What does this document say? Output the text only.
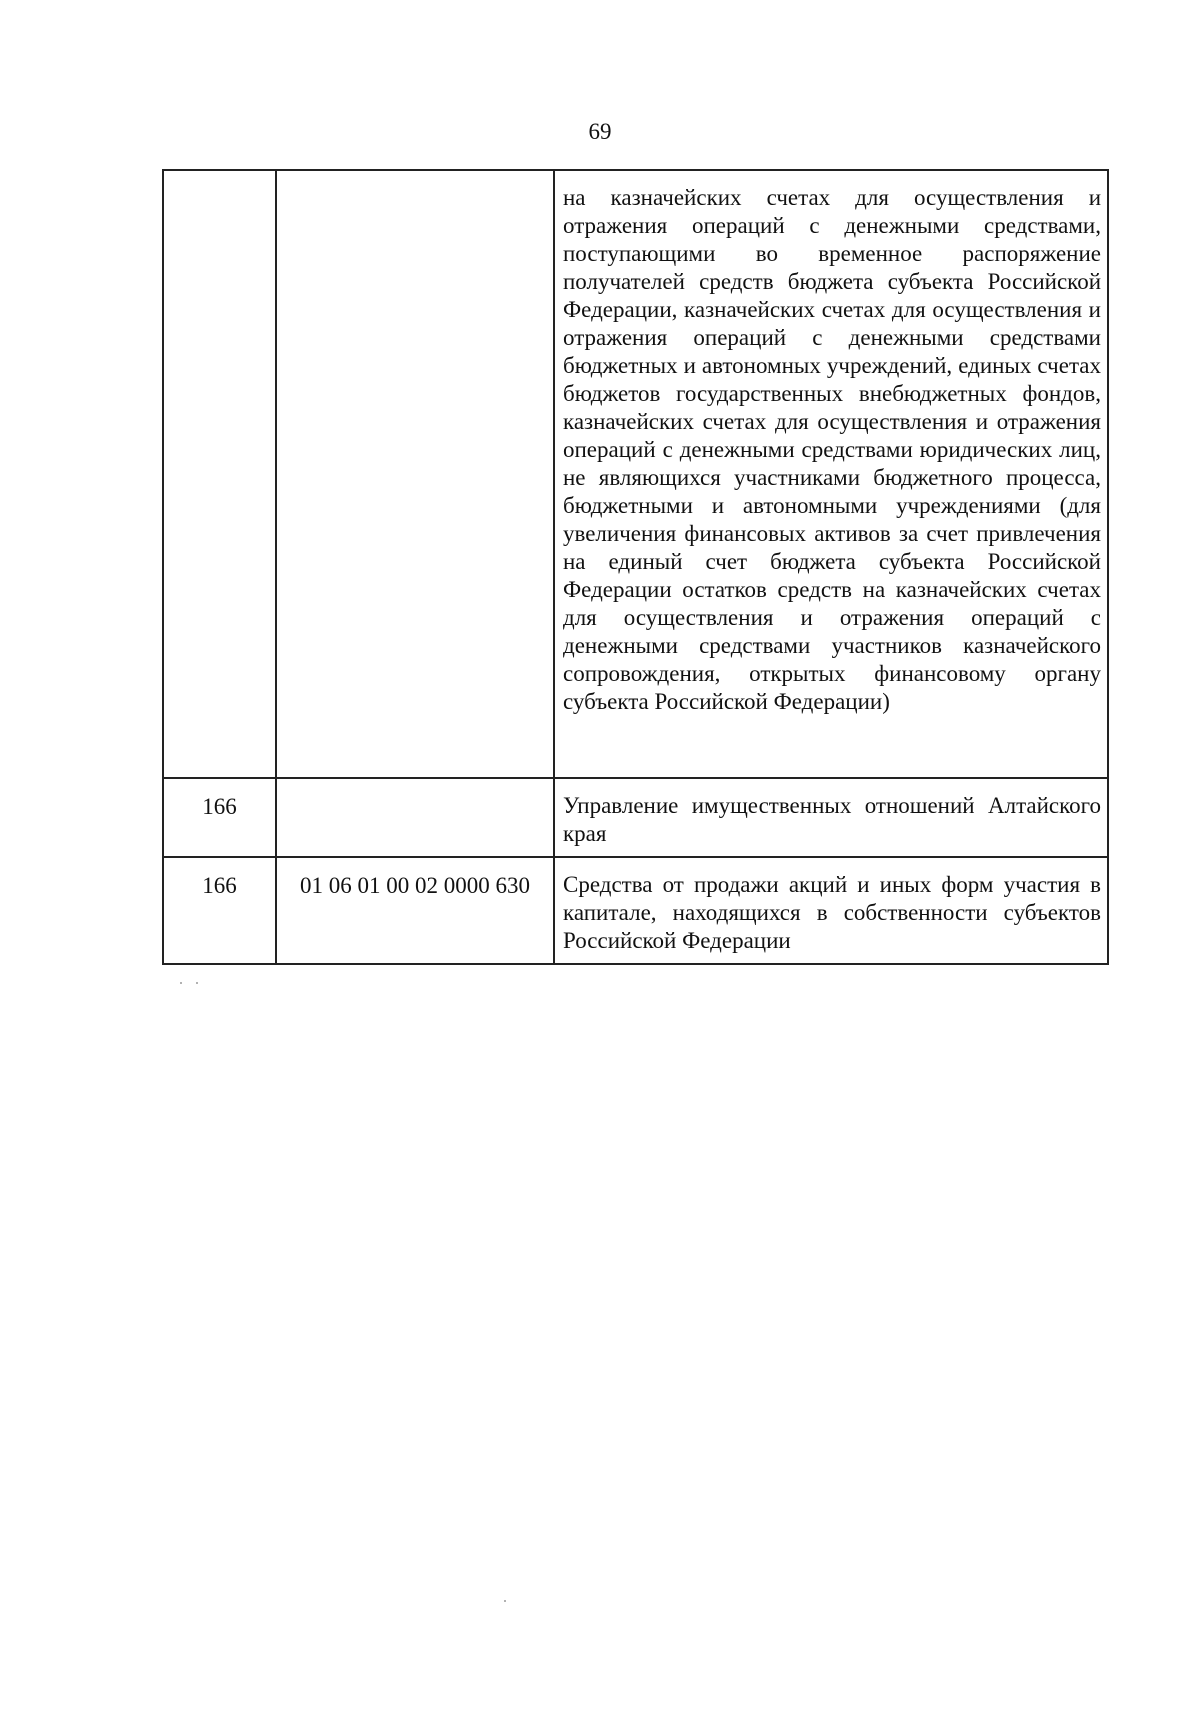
69
		на казначейских счетах для осуществления и отражения операций с денежными средствами, поступающими во временное распоряжение получателей средств бюджета субъекта Российской Федерации, казначейских счетах для осуществления и отражения операций с денежными средствами бюджетных и автономных учреждений, единых счетах бюджетов государственных внебюджетных фондов, казначейских счетах для осуществления и отражения операций с денежными средствами юридических лиц, не являющихся участниками бюджетного процесса, бюджетными и автономными учреждениями (для увеличения финансовых активов за счет привлечения на единый счет бюджета субъекта Российской Федерации остатков средств на казначейских счетах для осуществления и отражения операций с денежными средствами участников казначейского сопровождения, открытых финансовому органу субъекта Российской Федерации)
166		Управление имущественных отношений Алтайского края
166	01 06 01 00 02 0000 630	Средства от продажи акций и иных форм участия в капитале, находящихся в собственности субъектов Российской Федерации
